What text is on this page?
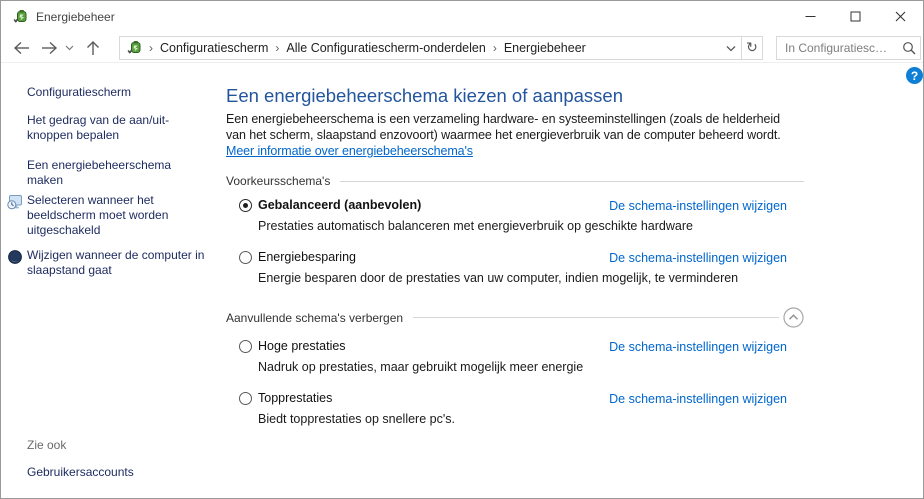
Energiebeheer
› Configuratiescherm › Alle Configuratiescherm-onderdelen › Energiebeheer	↻
In Configuratiesc…
Configuratiescherm
Het gedrag van de aan/uit-knoppen bepalen
Een energiebeheerschema maken
Selecteren wanneer het beeldscherm moet worden uitgeschakeld
Wijzigen wanneer de computer in slaapstand gaat
Zie ook
Gebruikersaccounts
Een energiebeheerschema kiezen of aanpassen
Een energiebeheerschema is een verzameling hardware- en systeeminstellingen (zoals de helderheid van het scherm, slaapstand enzovoort) waarmee het energieverbruik van de computer beheerd wordt. Meer informatie over energiebeheerschema's
Voorkeursschema's
Gebalanceerd (aanbevolen)	De schema-instellingen wijzigen
Prestaties automatisch balanceren met energieverbruik op geschikte hardware
Energiebesparing	De schema-instellingen wijzigen
Energie besparen door de prestaties van uw computer, indien mogelijk, te verminderen
Aanvullende schema's verbergen
Hoge prestaties	De schema-instellingen wijzigen
Nadruk op prestaties, maar gebruikt mogelijk meer energie
Topprestaties	De schema-instellingen wijzigen
Biedt topprestaties op snellere pc's.
?
